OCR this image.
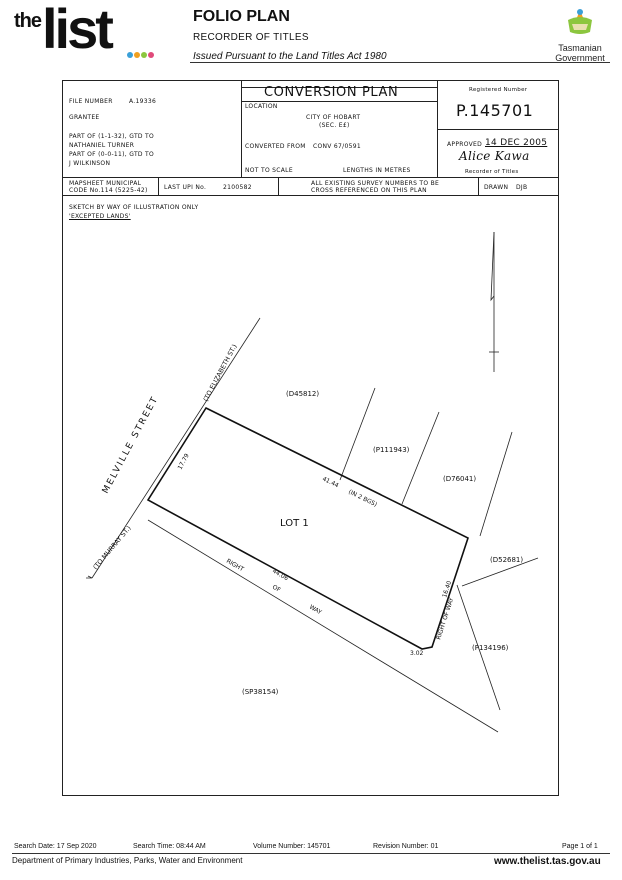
the list	FOLIO PLAN
RECORDER OF TITLES
Issued Pursuant to the Land Titles Act 1980
Tasmanian
Government
FILE NUMBER	A.19336
GRANTEE
PART OF (1-1-32), GTD TO
NATHANIEL TURNER
PART OF (0-0-11), GTD TO
J WILKINSON
CONVERSION PLAN
LOCATION
CITY OF HOBART
(SEC. E£)
CONVERTED FROM CONV 67/0591
NOT TO SCALE	LENGTHS IN METRES
Registered Number
P.145701
APPROVED 14 DEC 2005
Alice Kawa
Recorder of Titles
MAPSHEET MUNICIPAL
CODE No.114 (5225-42)	LAST UPI No.	2100582
ALL EXISTING SURVEY NUMBERS TO BE
CROSS REFERENCED ON THIS PLAN	DRAWN DJB
SKETCH BY WAY OF ILLUSTRATION ONLY
'EXCEPTED LANDS'
(D45812)
(P111943)
(D76041)
(D52681)
(P134196)
(SP38154)
LOT 1
MELVILLE STREET
(TO ELIZABETH ST.)
(TO MURRAY ST.)
17.79
41.44
(IN 2 BGS)
44.06
16.40
3.02
RIGHT
OF
WAY	RIGHT OF WAY
Search Date: 17 Sep 2020	Search Time: 08:44 AM	Volume Number: 145701	Revision Number: 01	Page 1 of 1
Department of Primary Industries, Parks, Water and Environment	www.thelist.tas.gov.au
